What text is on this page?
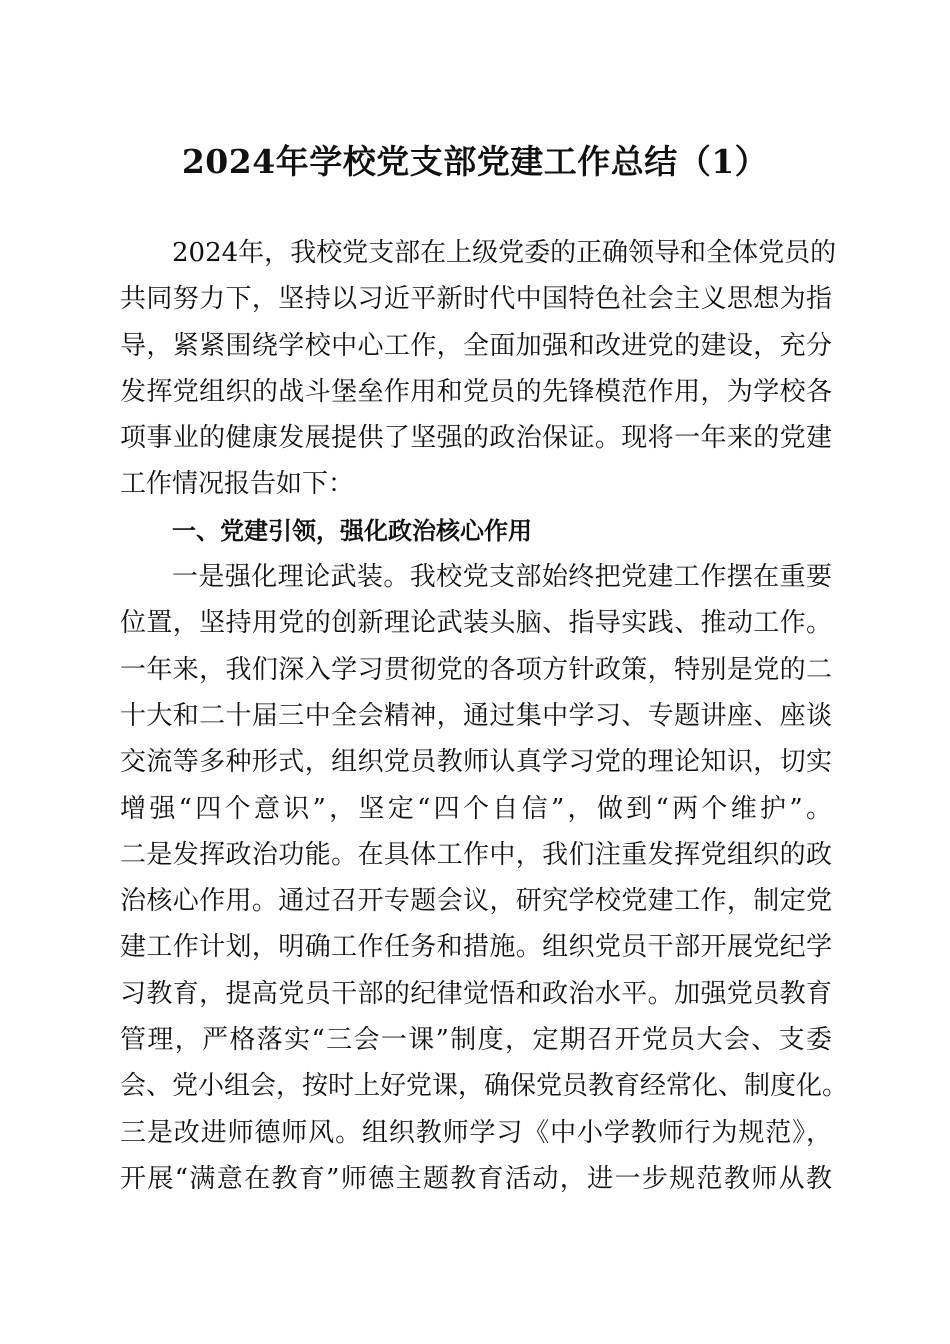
2024年学校党支部党建工作总结（1）
2024年，我校党支部在上级党委的正确领导和全体党员的
共同努力下，坚持以习近平新时代中国特色社会主义思想为指
导，紧紧围绕学校中心工作，全面加强和改进党的建设，充分
发挥党组织的战斗堡垒作用和党员的先锋模范作用，为学校各
项事业的健康发展提供了坚强的政治保证。现将一年来的党建
工作情况报告如下：
一、党建引领，强化政治核心作用
一是强化理论武装。我校党支部始终把党建工作摆在重要
位置，坚持用党的创新理论武装头脑、指导实践、推动工作。
一年来，我们深入学习贯彻党的各项方针政策，特别是党的二
十大和二十届三中全会精神，通过集中学习、专题讲座、座谈
交流等多种形式，组织党员教师认真学习党的理论知识，切实
增强“四个意识”，坚定“四个自信”，做到“两个维护”。
二是发挥政治功能。在具体工作中，我们注重发挥党组织的政
治核心作用。通过召开专题会议，研究学校党建工作，制定党
建工作计划，明确工作任务和措施。组织党员干部开展党纪学
习教育，提高党员干部的纪律觉悟和政治水平。加强党员教育
管理，严格落实“三会一课”制度，定期召开党员大会、支委
会、党小组会，按时上好党课，确保党员教育经常化、制度化。
三是改进师德师风。组织教师学习《中小学教师行为规范》，
开展“满意在教育”师德主题教育活动，进一步规范教师从教
